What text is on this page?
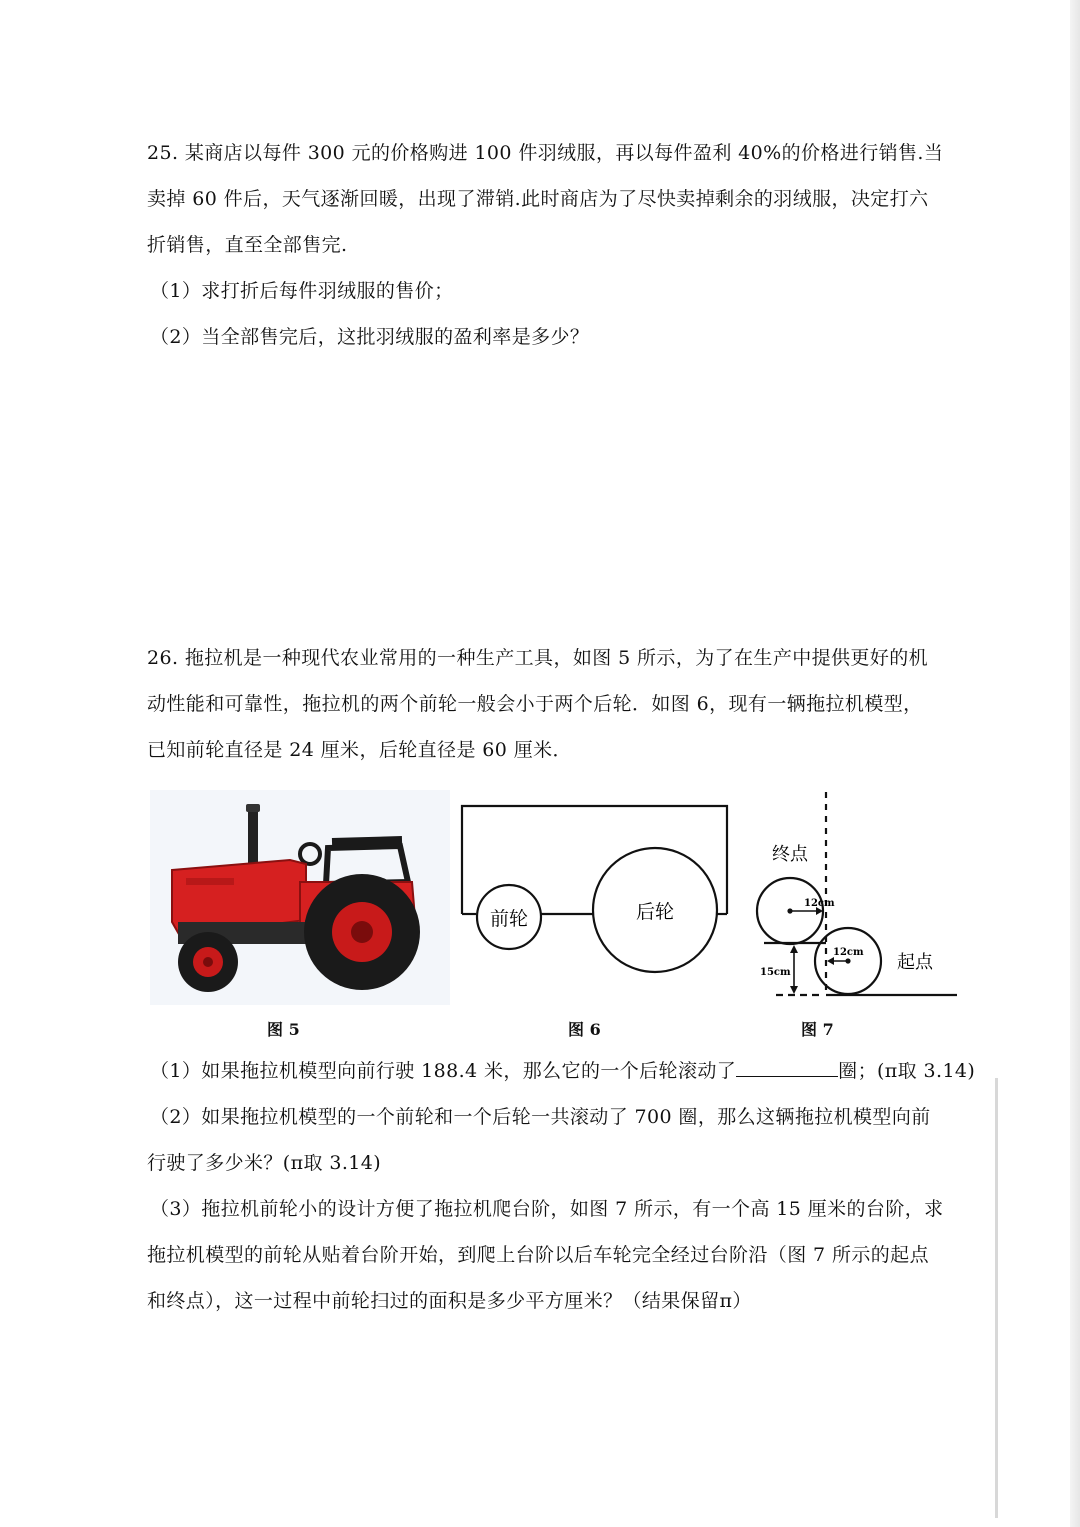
25. 某商店以每件 300 元的价格购进 100 件羽绒服，再以每件盈利 40%的价格进行销售.当
卖掉 60 件后，天气逐渐回暖，出现了滞销.此时商店为了尽快卖掉剩余的羽绒服，决定打六
折销售，直至全部售完.
（1）求打折后每件羽绒服的售价；
（2）当全部售完后，这批羽绒服的盈利率是多少？
26. 拖拉机是一种现代农业常用的一种生产工具，如图 5 所示，为了在生产中提供更好的机
动性能和可靠性，拖拉机的两个前轮一般会小于两个后轮．如图 6，现有一辆拖拉机模型，
已知前轮直径是 24 厘米，后轮直径是 60 厘米．
前轮	后轮
终点
起点
12cm
12cm
15cm
图 5	图 6	图 7
（1）如果拖拉机模型向前行驶 188.4 米，那么它的一个后轮滚动了	圈；(π取 3.14)
（2）如果拖拉机模型的一个前轮和一个后轮一共滚动了 700 圈，那么这辆拖拉机模型向前
行驶了多少米？(π取 3.14)
（3）拖拉机前轮小的设计方便了拖拉机爬台阶，如图 7 所示，有一个高 15 厘米的台阶，求
拖拉机模型的前轮从贴着台阶开始，到爬上台阶以后车轮完全经过台阶沿（图 7 所示的起点
和终点），这一过程中前轮扫过的面积是多少平方厘米？（结果保留π）
